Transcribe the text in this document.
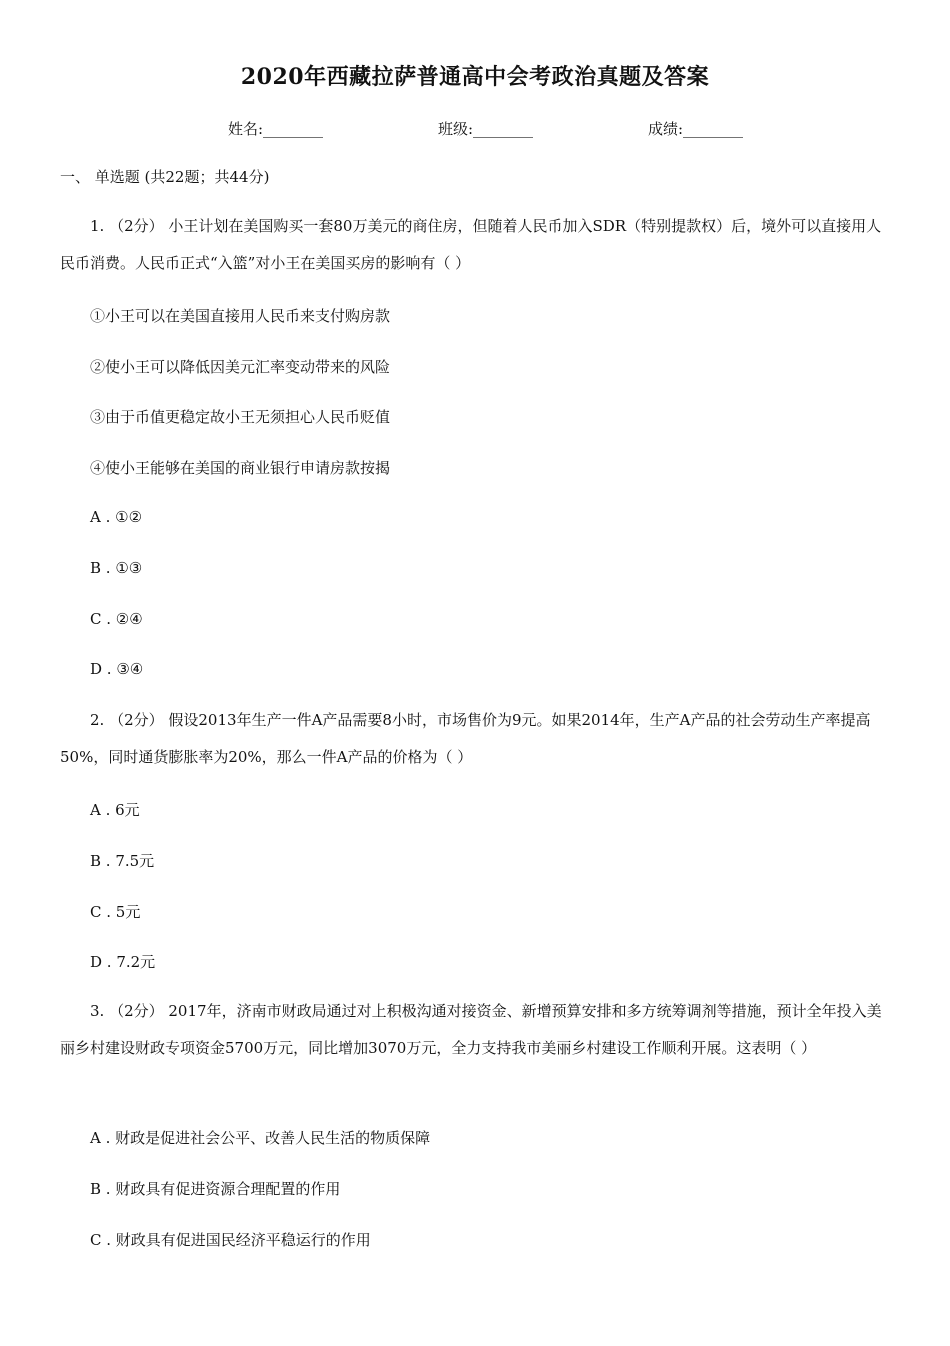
2020年西藏拉萨普通高中会考政治真题及答案
姓名:________	班级:________	成绩:________
一、 单选题 (共22题；共44分)
1. （2分） 小王计划在美国购买一套80万美元的商住房，但随着人民币加入SDR（特别提款权）后，境外可以直接用人民币消费。人民币正式“入篮”对小王在美国买房的影响有（ ）
①小王可以在美国直接用人民币来支付购房款
②使小王可以降低因美元汇率变动带来的风险
③由于币值更稳定故小王无须担心人民币贬值
④使小王能够在美国的商业银行申请房款按揭
A . ①②
B . ①③
C . ②④
D . ③④
2. （2分） 假设2013年生产一件A产品需要8小时，市场售价为9元。如果2014年，生产A产品的社会劳动生产率提高50%，同时通货膨胀率为20%，那么一件A产品的价格为（ ）
A . 6元
B . 7.5元
C . 5元
D . 7.2元
3. （2分） 2017年，济南市财政局通过对上积极沟通对接资金、新增预算安排和多方统筹调剂等措施，预计全年投入美丽乡村建设财政专项资金5700万元，同比增加3070万元，全力支持我市美丽乡村建设工作顺利开展。这表明（ ）
A . 财政是促进社会公平、改善人民生活的物质保障
B . 财政具有促进资源合理配置的作用
C . 财政具有促进国民经济平稳运行的作用
